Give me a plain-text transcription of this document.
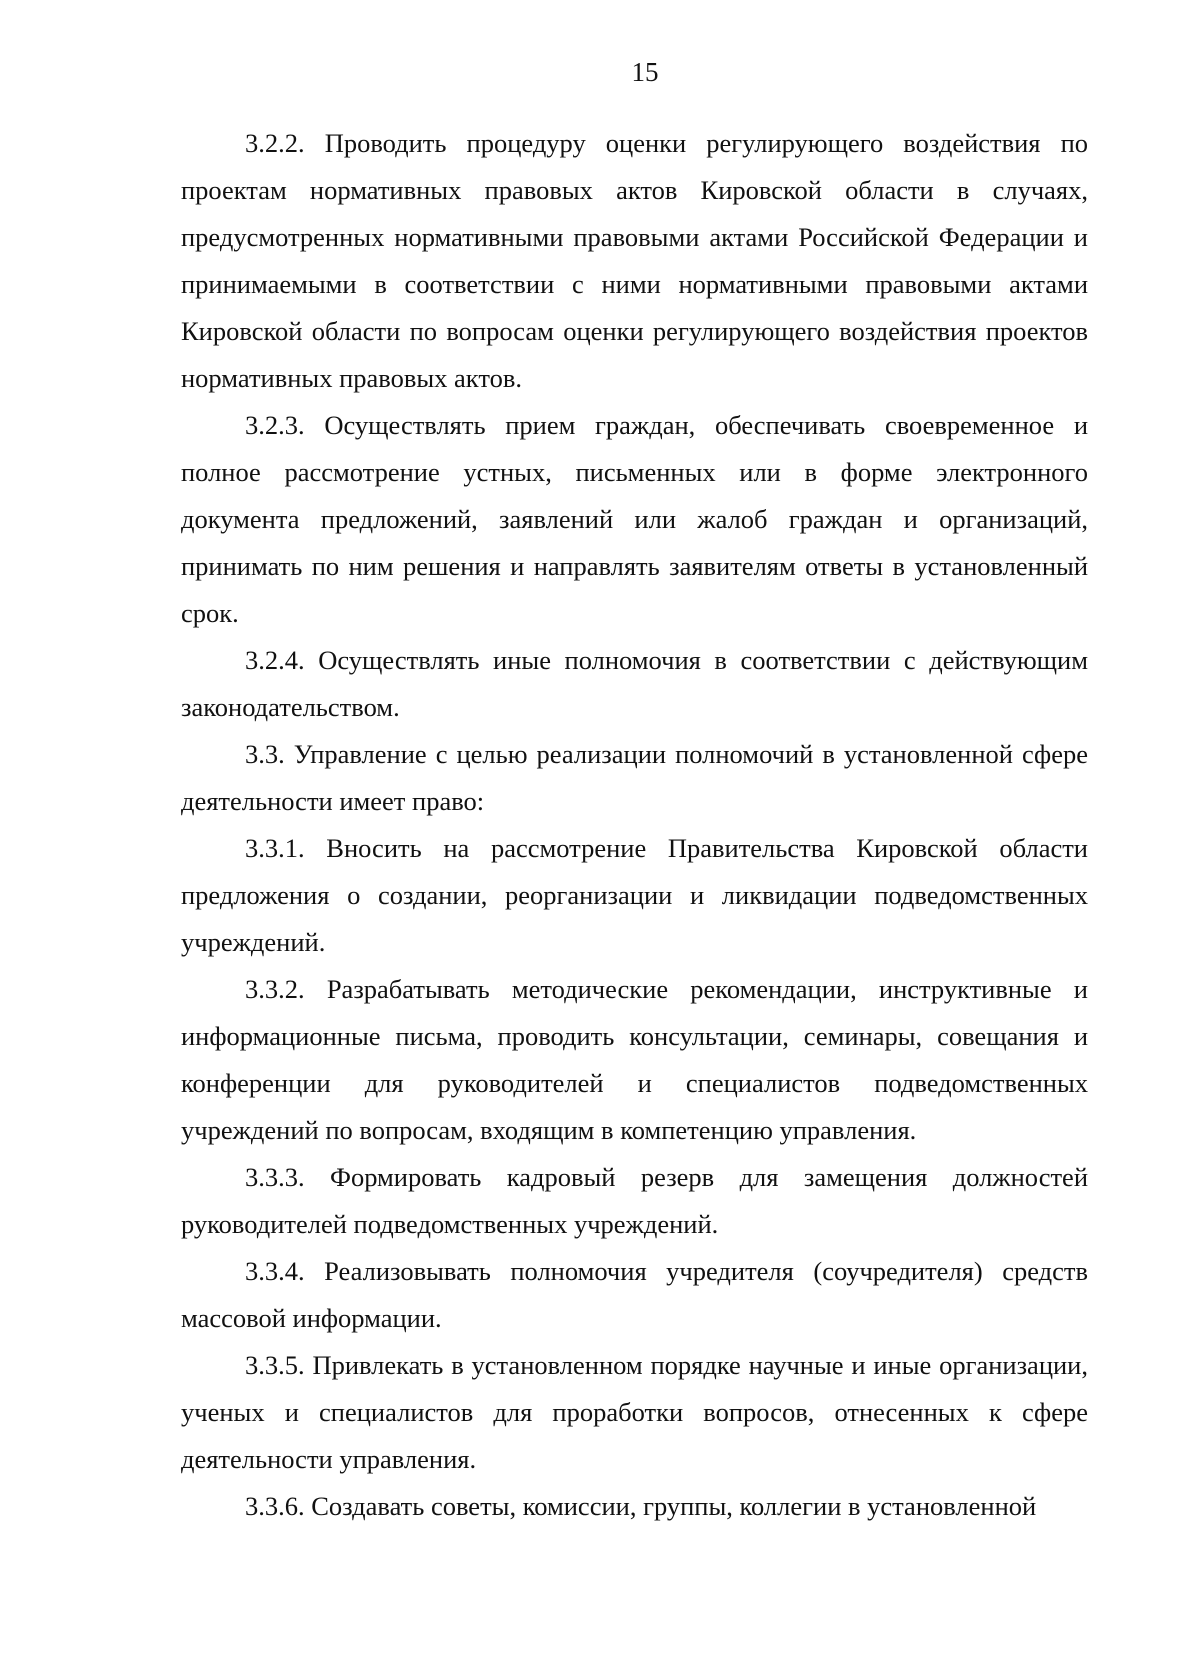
15

3.2.2. Проводить процедуру оценки регулирующего воздействия по проектам нормативных правовых актов Кировской области в случаях, предусмотренных нормативными правовыми актами Российской Федерации и принимаемыми в соответствии с ними нормативными правовыми актами Кировской области по вопросам оценки регулирующего воздействия проектов нормативных правовых актов.

3.2.3. Осуществлять прием граждан, обеспечивать своевременное и полное рассмотрение устных, письменных или в форме электронного документа предложений, заявлений или жалоб граждан и организаций, принимать по ним решения и направлять заявителям ответы в установленный срок.

3.2.4. Осуществлять иные полномочия в соответствии с действующим законодательством.

3.3. Управление с целью реализации полномочий в установленной сфере деятельности имеет право:

3.3.1. Вносить на рассмотрение Правительства Кировской области предложения о создании, реорганизации и ликвидации подведомственных учреждений.

3.3.2. Разрабатывать методические рекомендации, инструктивные и информационные письма, проводить консультации, семинары, совещания и конференции для руководителей и специалистов подведомственных учреждений по вопросам, входящим в компетенцию управления.

3.3.3. Формировать кадровый резерв для замещения должностей руководителей подведомственных учреждений.

3.3.4. Реализовывать полномочия учредителя (соучредителя) средств массовой информации.

3.3.5. Привлекать в установленном порядке научные и иные организации, ученых и специалистов для проработки вопросов, отнесенных к сфере деятельности управления.

3.3.6. Создавать советы, комиссии, группы, коллегии в установленной
